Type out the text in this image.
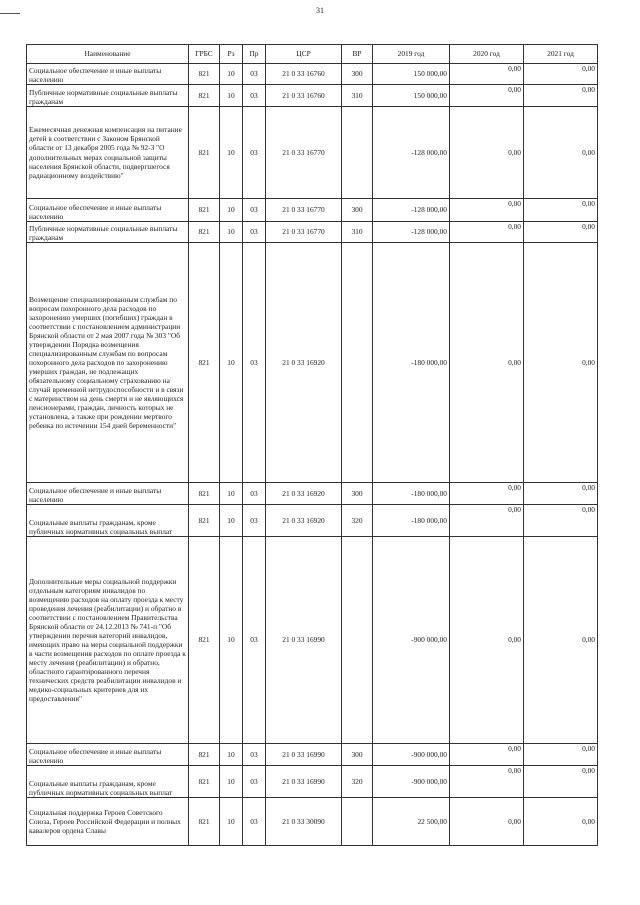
31
Наименование	ГРБС	Рз	Пр	ЦСР	ВР	2019 год	2020 год	2021 год
Социальное обеспечение и иные выплаты населению	821	10	03	21 0 33 16760	300	150 000,00	0,00	0,00
Публичные нормативные социальные выплаты гражданам	821	10	03	21 0 33 16760	310	150 000,00	0,00	0,00
Ежемесячная денежная компенсация на питание детей в соответствии с Законом Брянской области от 13 декабря 2005 года № 92-З "О дополнительных мерах социальной защиты населения Брянской области, подвергшегося радиационному воздействию"	821	10	03	21 0 33 16770		-128 000,00	0,00	0,00
Социальное обеспечение и иные выплаты населению	821	10	03	21 0 33 16770	300	-128 000,00	0,00	0,00
Публичные нормативные социальные выплаты гражданам	821	10	03	21 0 33 16770	310	-128 000,00	0,00	0,00
Возмещение специализированным службам по вопросам похоронного дела расходов по захоронению умерших (погибших) граждан в соответствии с постановлением администрации Брянской области от 2 мая 2007 года № 303 "Об утверждении Порядка возмещения специализированным службам по вопросам похоронного дела расходов по захоронению умерших граждан, не подлежащих обязательному социальному страхованию на случай временной нетрудоспособности и в связи с материнством на день смерти и не являющихся пенсионерами, граждан, личность которых не установлена, а также при рождении мертвого ребенка по истечении 154 дней беременности"	821	10	03	21 0 33 16920		-180 000,00	0,00	0,00
Социальное обеспечение и иные выплаты населению	821	10	03	21 0 33 16920	300	-180 000,00	0,00	0,00
Социальные выплаты гражданам, кроме публичных нормативных социальных выплат	821	10	03	21 0 33 16920	320	-180 000,00	0,00	0,00
Дополнительные меры социальной поддержки отдельным категориям инвалидов по возмещению расходов на оплату проезда к месту проведения лечения (реабилитации) и обратно в соответствии с постановлением Правительства Брянской области от 24.12.2013 № 741-п "Об утверждении перечня категорий инвалидов, имеющих право на меры социальной поддержки в части возмещения расходов по оплате проезда к месту лечения (реабилитации) и обратно, областного гарантированного перечня технических средств реабилитации инвалидов и медико-социальных критериев для их предоставления"	821	10	03	21 0 33 16990		-900 000,00	0,00	0,00
Социальное обеспечение и иные выплаты населению	821	10	03	21 0 33 16990	300	-900 000,00	0,00	0,00
Социальные выплаты гражданам, кроме публичных нормативных социальных выплат	821	10	03	21 0 33 16990	320	-900 000,00	0,00	0,00
Социальная поддержка Героев Советского Союза, Героев Российской Федерации и полных кавалеров ордена Славы	821	10	03	21 0 33 30090		22 500,00	0,00	0,00
